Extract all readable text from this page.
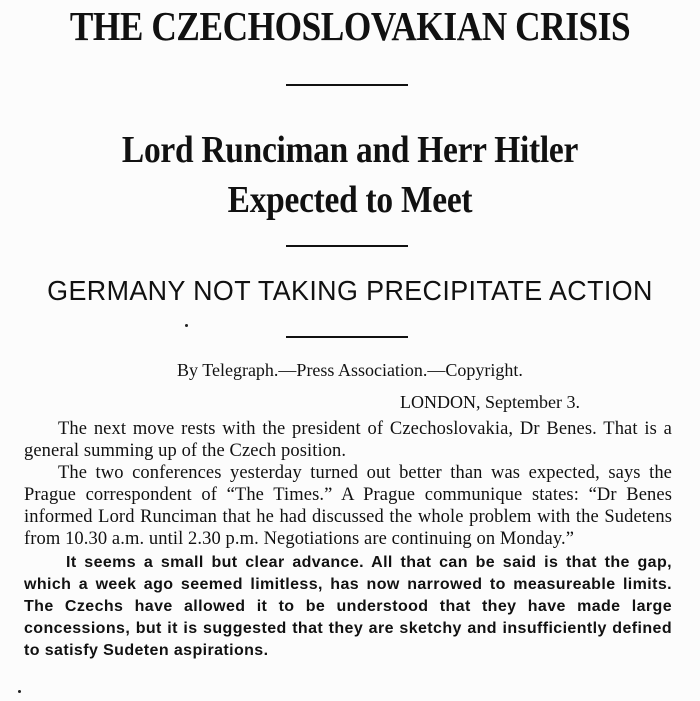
THE CZECHOSLOVAKIAN CRISIS
Lord Runciman and Herr Hitler
Expected to Meet
GERMANY NOT TAKING PRECIPITATE ACTION
By Telegraph.—Press Association.—Copyright.
LONDON, September 3.

The next move rests with the president of Czechoslovakia, Dr Benes. That is a general summing up of the Czech position.

The two conferences yesterday turned out better than was expected, says the Prague correspondent of “The Times.” A Prague communique states: “Dr Benes informed Lord Runciman that he had discussed the whole problem with the Sudetens from 10.30 a.m. until 2.30 p.m. Negotiations are continuing on Monday.”

It seems a small but clear advance. All that can be said is that the gap, which a week ago seemed limitless, has now narrowed to measureable limits. The Czechs have allowed it to be understood that they have made large concessions, but it is suggested that they are sketchy and insufficiently defined to satisfy Sudeten aspirations.
